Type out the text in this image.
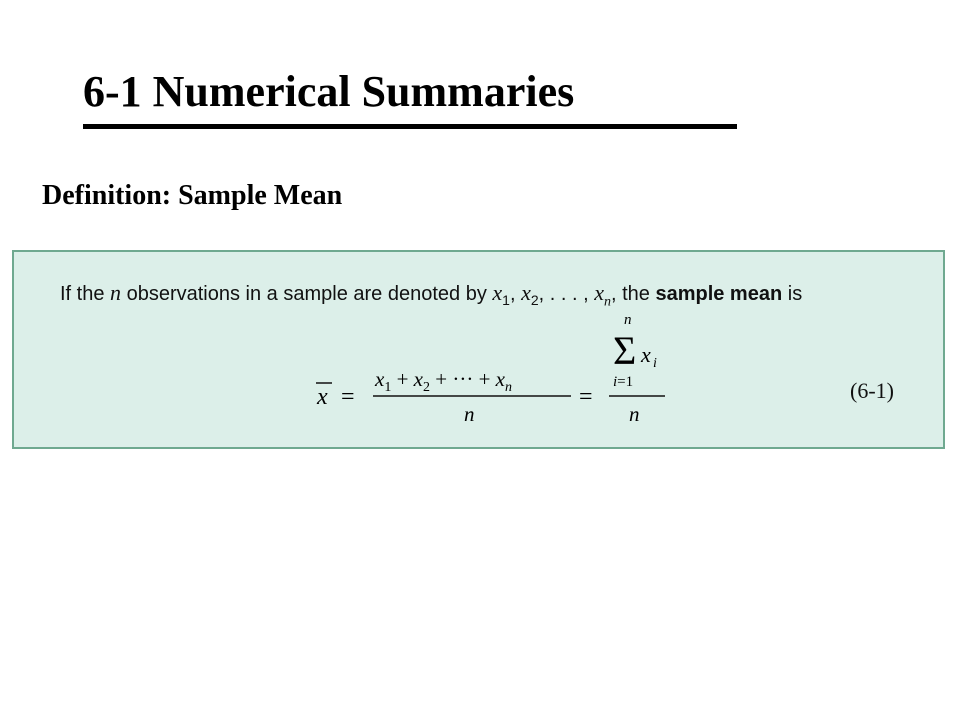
6-1 Numerical Summaries
Definition: Sample Mean
If the n observations in a sample are denoted by $x_1$, $x_2$, . . . , $x_n$, the sample mean is
x =
$x_1 + x_2$ + ··· + $x_n$
n
=
n
Σ x i
i=1
n
(6-1)
